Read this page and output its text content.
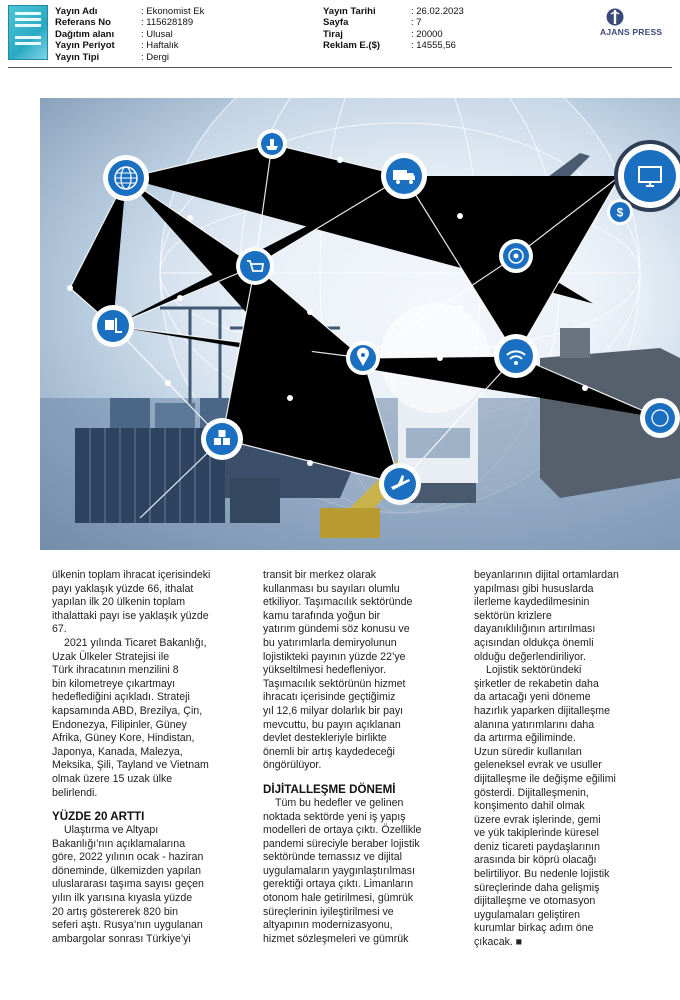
Yayın Adı	: Ekonomist Ek
Referans No	: 115628189
Dağıtım alanı	: Ulusal
Yayın Periyot	: Haftalık
Yayın Tipi	: Dergi
Yayın Tarihi	: 26.02.2023
Sayfa	: 7
Tiraj	: 20000
Reklam E.($)	: 14555,56
AJANS PRESS
$

ülkenin toplam ihracat içerisindeki

payı yaklaşık yüzde 66, ithalat

yapılan ilk 20 ülkenin toplam

ithalattaki payı ise yaklaşık yüzde

67.

2021 yılında Ticaret Bakanlığı,

Uzak Ülkeler Stratejisi ile

Türk ihracatının menzilini 8

bin kilometreye çıkartmayı

hedeflediğini açıkladı. Strateji

kapsamında ABD, Brezilya, Çin,

Endonezya, Filipinler, Güney

Afrika, Güney Kore, Hindistan,

Japonya, Kanada, Malezya,

Meksika, Şili, Tayland ve Vietnam

olmak üzere 15 uzak ülke

belirlendi.

YÜZDE 20 ARTTI

Ulaştırma ve Altyapı

Bakanlığı’nın açıklamalarına

göre, 2022 yılının ocak - haziran

döneminde, ülkemizden yapılan

uluslararası taşıma sayısı geçen

yılın ilk yarısına kıyasla yüzde

20 artış göstererek 820 bin

seferi aştı. Rusya’nın uygulanan

ambargolar sonrası Türkiye’yi

transit bir merkez olarak

kullanması bu sayıları olumlu

etkiliyor. Taşımacılık sektöründe

kamu tarafında yoğun bir

yatırım gündemi söz konusu ve

bu yatırımlarla demiryolunun

lojistikteki payının yüzde 22’ye

yükseltilmesi hedefleniyor.

Taşımacılık sektörünün hizmet

ihracatı içerisinde geçtiğimiz

yıl 12,6 milyar dolarlık bir payı

mevcuttu, bu payın açıklanan

devlet destekleriyle birlikte

önemli bir artış kaydedeceği

öngörülüyor.

DİJİTALLEŞME DÖNEMİ

Tüm bu hedefler ve gelinen

noktada sektörde yeni iş yapış

modelleri de ortaya çıktı. Özellikle

pandemi süreciyle beraber lojistik

sektöründe temassız ve dijital

uygulamaların yaygınlaştırılması

gerektiği ortaya çıktı. Limanların

otonom hale getirilmesi, gümrük

süreçlerinin iyileştirilmesi ve

altyapının modernizasyonu,

hizmet sözleşmeleri ve gümrük

beyanlarının dijital ortamlardan

yapılması gibi hususlarda

ilerleme kaydedilmesinin

sektörün krizlere

dayanıklılığının artırılması

açısından oldukça önemli

olduğu değerlendiriliyor.

Lojistik sektöründeki

şirketler de rekabetin daha

da artacağı yeni döneme

hazırlık yaparken dijitalleşme

alanına yatırımlarını daha

da artırma eğiliminde.

Uzun süredir kullanılan

geleneksel evrak ve usuller

dijitalleşme ile değişme eğilimi

gösterdi. Dijitalleşmenin,

konşimento dahil olmak

üzere evrak işlerinde, gemi

ve yük takiplerinde küresel

deniz ticareti paydaşlarının

arasında bir köprü olacağı

belirtiliyor. Bu nedenle lojistik

süreçlerinde daha gelişmiş

dijitalleşme ve otomasyon

uygulamaları geliştiren

kurumlar birkaç adım öne

çıkacak. ■
